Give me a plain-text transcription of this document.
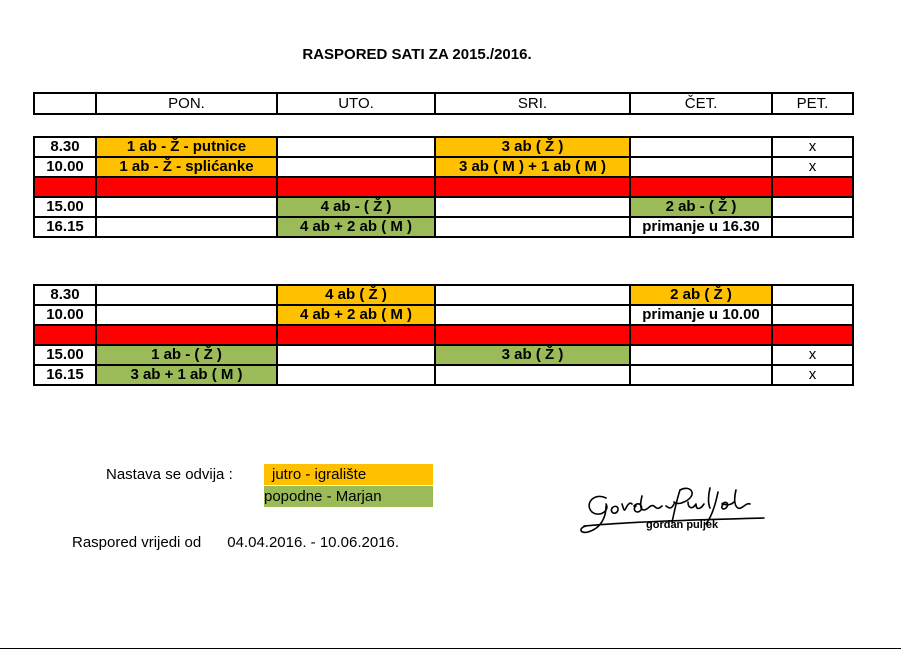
RASPORED SATI ZA 2015./2016.
	PON.	UTO.	SRI.	ČET.	PET.
8.30	1 ab - Ž - putnice		3 ab ( Ž )		x
10.00	1 ab - Ž - splićanke		3 ab ( M ) + 1 ab ( M )		x

15.00		4 ab - ( Ž )		2 ab - ( Ž )	
16.15		4 ab + 2 ab ( M )		primanje u 16.30	
8.30		4 ab ( Ž )		2 ab ( Ž )	
10.00		4 ab + 2 ab ( M )		primanje u 10.00	

15.00	1 ab - ( Ž )		3 ab ( Ž )		x
16.15	3 ab + 1 ab ( M )				x
Nastava se odvija :	jutro - igralište
popodne - Marjan
Raspored vrijedi od 04.04.2016. - 10.06.2016.
gordan puljek
